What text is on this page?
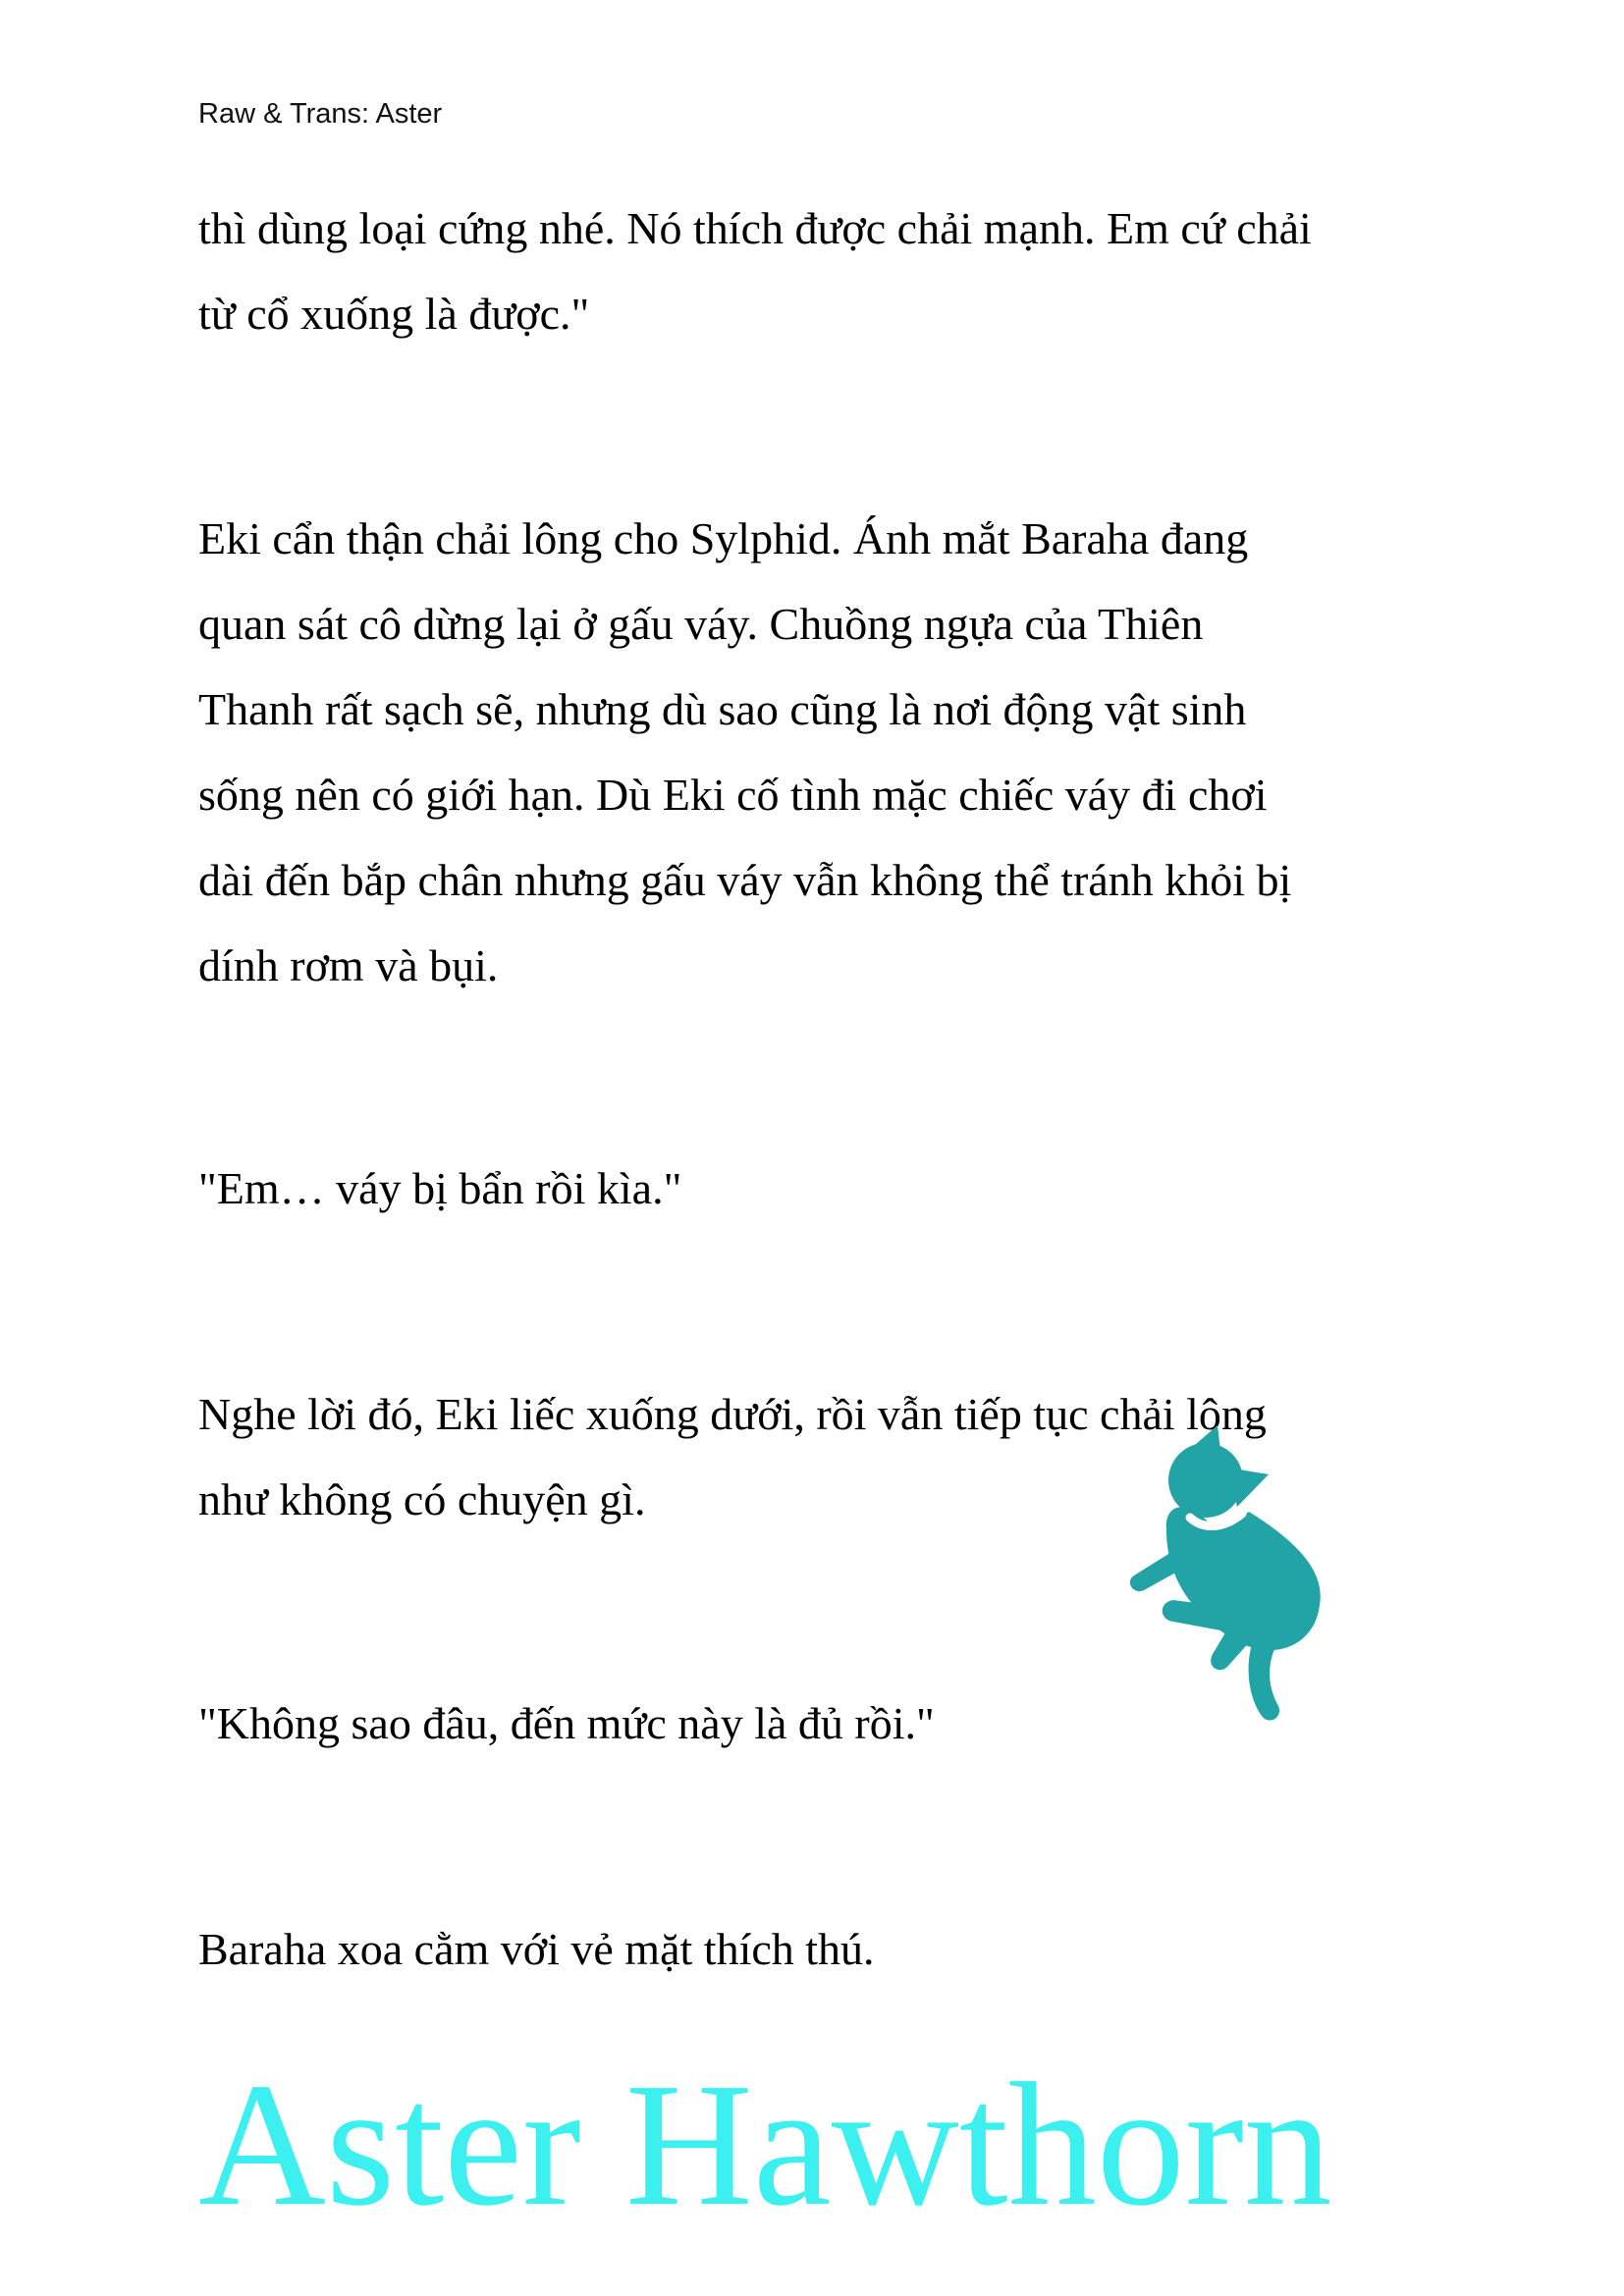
Raw & Trans: Aster
thì dùng loại cứng nhé. Nó thích được chải mạnh. Em cứ chải
từ cổ xuống là được."
Eki cẩn thận chải lông cho Sylphid. Ánh mắt Baraha đang
quan sát cô dừng lại ở gấu váy. Chuồng ngựa của Thiên
Thanh rất sạch sẽ, nhưng dù sao cũng là nơi động vật sinh
sống nên có giới hạn. Dù Eki cố tình mặc chiếc váy đi chơi
dài đến bắp chân nhưng gấu váy vẫn không thể tránh khỏi bị
dính rơm và bụi.
"Em… váy bị bẩn rồi kìa."
Nghe lời đó, Eki liếc xuống dưới, rồi vẫn tiếp tục chải lông
như không có chuyện gì.
"Không sao đâu, đến mức này là đủ rồi."
Baraha xoa cằm với vẻ mặt thích thú.
Aster Hawthorn
